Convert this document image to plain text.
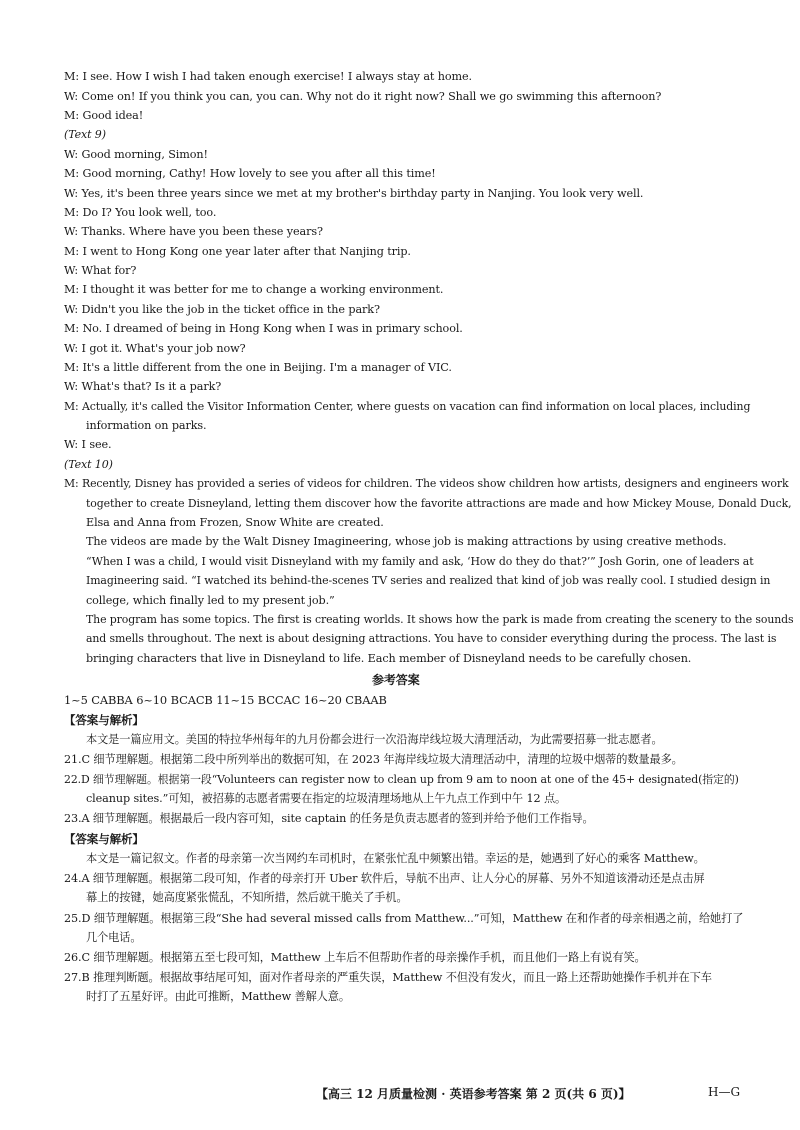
M: I see. How I wish I had taken enough exercise! I always stay at home.
W: Come on! If you think you can, you can. Why not do it right now? Shall we go swimming this afternoon?
M: Good idea!
(Text 9)
W: Good morning, Simon!
M: Good morning, Cathy! How lovely to see you after all this time!
W: Yes, it's been three years since we met at my brother's birthday party in Nanjing. You look very well.
M: Do I? You look well, too.
W: Thanks. Where have you been these years?
M: I went to Hong Kong one year later after that Nanjing trip.
W: What for?
M: I thought it was better for me to change a working environment.
W: Didn't you like the job in the ticket office in the park?
M: No. I dreamed of being in Hong Kong when I was in primary school.
W: I got it. What's your job now?
M: It's a little different from the one in Beijing. I'm a manager of VIC.
W: What's that? Is it a park?
M: Actually, it's called the Visitor Information Center, where guests on vacation can find information on local places, including
information on parks.
W: I see.
(Text 10)
M: Recently, Disney has provided a series of videos for children. The videos show children how artists, designers and engineers work
together to create Disneyland, letting them discover how the favorite attractions are made and how Mickey Mouse, Donald Duck,
Elsa and Anna from Frozen, Snow White are created.
The videos are made by the Walt Disney Imagineering, whose job is making attractions by using creative methods.
“When I was a child, I would visit Disneyland with my family and ask, ‘How do they do that?’” Josh Gorin, one of leaders at
Imagineering said. “I watched its behind-the-scenes TV series and realized that kind of job was really cool. I studied design in
college, which finally led to my present job.”
The program has some topics. The first is creating worlds. It shows how the park is made from creating the scenery to the sounds
and smells throughout. The next is about designing attractions. You have to consider everything during the process. The last is
bringing characters that live in Disneyland to life. Each member of Disneyland needs to be carefully chosen.
参考答案
1~5 CABBA 6~10 BCACB 11~15 BCCAC 16~20 CBAAB
【答案与解析】
本文是一篇应用文。美国的特拉华州每年的九月份都会进行一次沿海岸线垃圾大清理活动，为此需要招募一批志愿者。
21.C 细节理解题。根据第二段中所列举出的数据可知，在 2023 年海岸线垃圾大清理活动中，清理的垃圾中烟蒂的数量最多。
22.D 细节理解题。根据第一段“Volunteers can register now to clean up from 9 am to noon at one of the 45+ designated(指定的)
cleanup sites.”可知，被招募的志愿者需要在指定的垃圾清理场地从上午九点工作到中午 12 点。
23.A 细节理解题。根据最后一段内容可知，site captain 的任务是负责志愿者的签到并给予他们工作指导。
【答案与解析】
本文是一篇记叙文。作者的母亲第一次当网约车司机时，在紧张忙乱中频繁出错。幸运的是，她遇到了好心的乘客 Matthew。
24.A 细节理解题。根据第二段可知，作者的母亲打开 Uber 软件后，导航不出声、让人分心的屏幕、另外不知道该滑动还是点击屏
幕上的按键，她高度紧张慌乱，不知所措，然后就干脆关了手机。
25.D 细节理解题。根据第三段“She had several missed calls from Matthew...”可知，Matthew 在和作者的母亲相遇之前，给她打了
几个电话。
26.C 细节理解题。根据第五至七段可知，Matthew 上车后不但帮助作者的母亲操作手机，而且他们一路上有说有笑。
27.B 推理判断题。根据故事结尾可知，面对作者母亲的严重失误，Matthew 不但没有发火，而且一路上还帮助她操作手机并在下车
时打了五星好评。由此可推断，Matthew 善解人意。
【高三 12 月质量检测 · 英语参考答案 第 2 页(共 6 页)】	H—G
